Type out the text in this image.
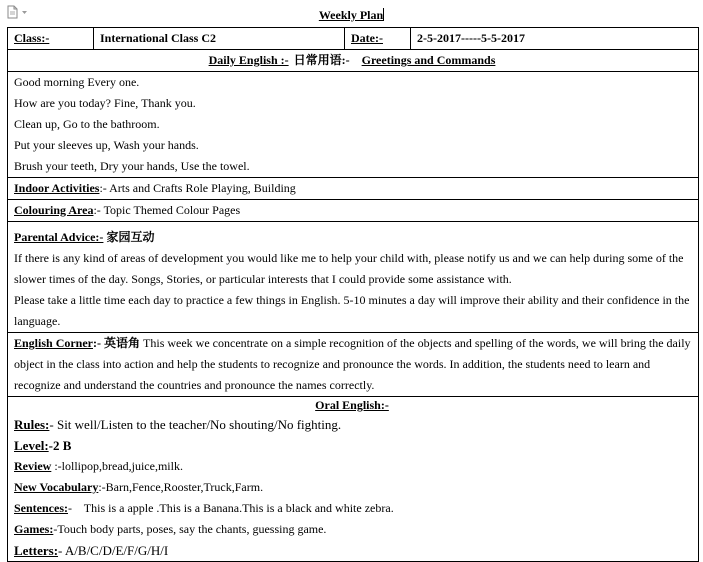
Weekly Plan
Class:-	International Class C2	Date:-	2-5-2017-----5-5-2017
Daily English :- 日常用语:- Greetings and Commands
Good morning Every one.
How are you today? Fine, Thank you.
Clean up, Go to the bathroom.
Put your sleeves up, Wash your hands.
Brush your teeth, Dry your hands, Use the towel.
Indoor Activities:- Arts and Crafts Role Playing, Building
Colouring Area:- Topic Themed Colour Pages
Parental Advice:- 家园互动
If there is any kind of areas of development you would like me to help your child with, please notify us and we can help during some of the slower times of the day. Songs, Stories, or particular interests that I could provide some assistance with.
Please take a little time each day to practice a few things in English. 5-10 minutes a day will improve their ability and their confidence in the language.
English Corner:- 英语角 This week we concentrate on a simple recognition of the objects and spelling of the words, we will bring the daily object in the class into action and help the students to recognize and pronounce the words. In addition, the students need to learn and recognize and understand the countries and pronounce the names correctly.
Oral English:-
Rules:- Sit well/Listen to the teacher/No shouting/No fighting.
Level:-2 B
Review :-lollipop,bread,juice,milk.
New Vocabulary:-Barn,Fence,Rooster,Truck,Farm.
Sentences:-    This is a apple .This is a Banana.This is a black and white zebra.
Games:-Touch body parts, poses, say the chants, guessing game.
Letters:- A/B/C/D/E/F/G/H/I
